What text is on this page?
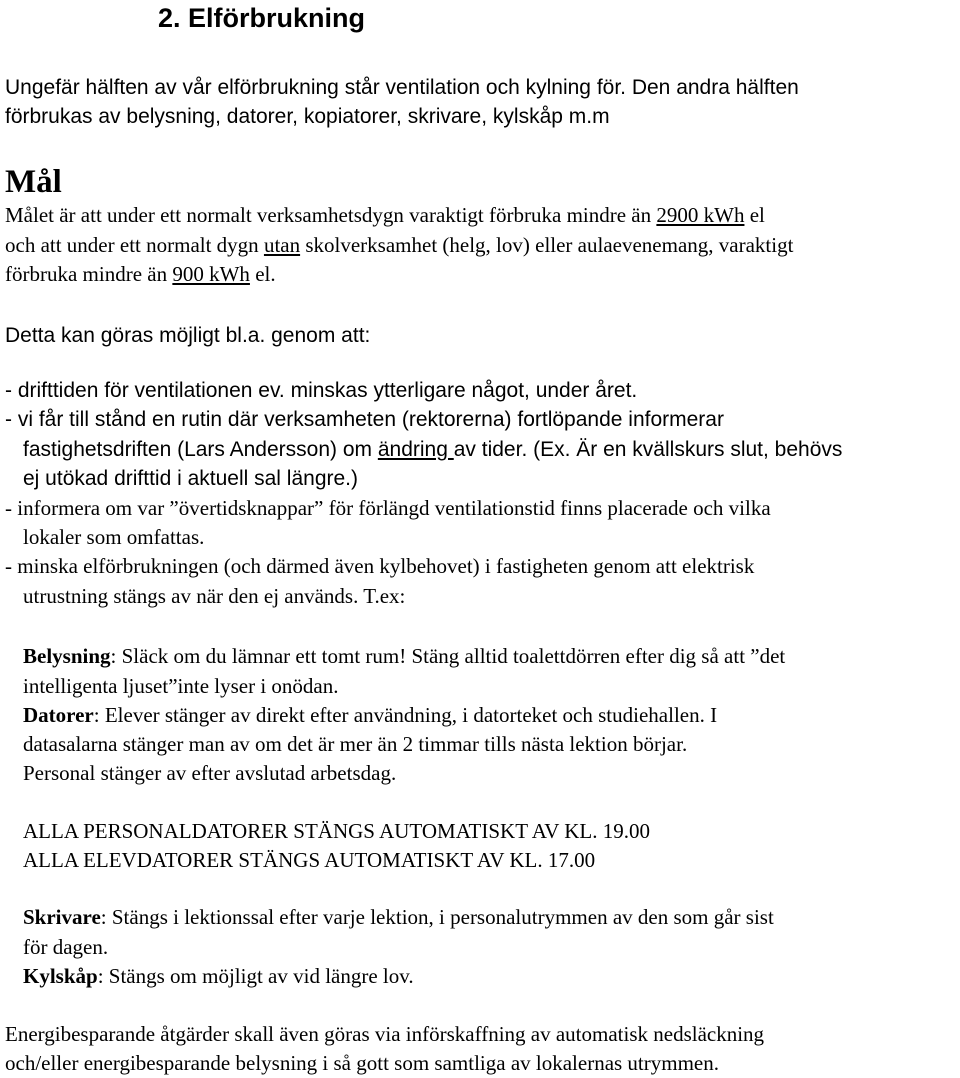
2. Elförbrukning
Ungefär hälften av vår elförbrukning står ventilation och kylning för. Den andra hälften
förbrukas av belysning, datorer, kopiatorer, skrivare, kylskåp m.m
Mål
Målet är att under ett normalt verksamhetsdygn varaktigt förbruka mindre än 2900 kWh el
och att under ett normalt dygn utan skolverksamhet (helg, lov) eller aulaevenemang, varaktigt
förbruka mindre än 900 kWh el.
Detta kan göras möjligt bl.a. genom att:
- drifttiden för ventilationen ev. minskas ytterligare något, under året.
- vi får till stånd en rutin där verksamheten (rektorerna) fortlöpande informerar
fastighetsdriften (Lars Andersson) om ändring av tider. (Ex. Är en kvällskurs slut, behövs
ej utökad drifttid i aktuell sal längre.)
- informera om var ”övertidsknappar” för förlängd ventilationstid finns placerade och vilka
lokaler som omfattas.
- minska elförbrukningen (och därmed även kylbehovet) i fastigheten genom att elektrisk
utrustning stängs av när den ej används. T.ex:
Belysning: Släck om du lämnar ett tomt rum! Stäng alltid toalettdörren efter dig så att ”det
intelligenta ljuset”inte lyser i onödan.
Datorer: Elever stänger av direkt efter användning, i datorteket och studiehallen. I
datasalarna stänger man av om det är mer än 2 timmar tills nästa lektion börjar.
Personal stänger av efter avslutad arbetsdag.
ALLA PERSONALDATORER STÄNGS AUTOMATISKT AV KL. 19.00
ALLA ELEVDATORER STÄNGS AUTOMATISKT AV KL. 17.00
Skrivare: Stängs i lektionssal efter varje lektion, i personalutrymmen av den som går sist
för dagen.
Kylskåp: Stängs om möjligt av vid längre lov.
Energibesparande åtgärder skall även göras via införskaffning av automatisk nedsläckning
och/eller energibesparande belysning i så gott som samtliga av lokalernas utrymmen.
